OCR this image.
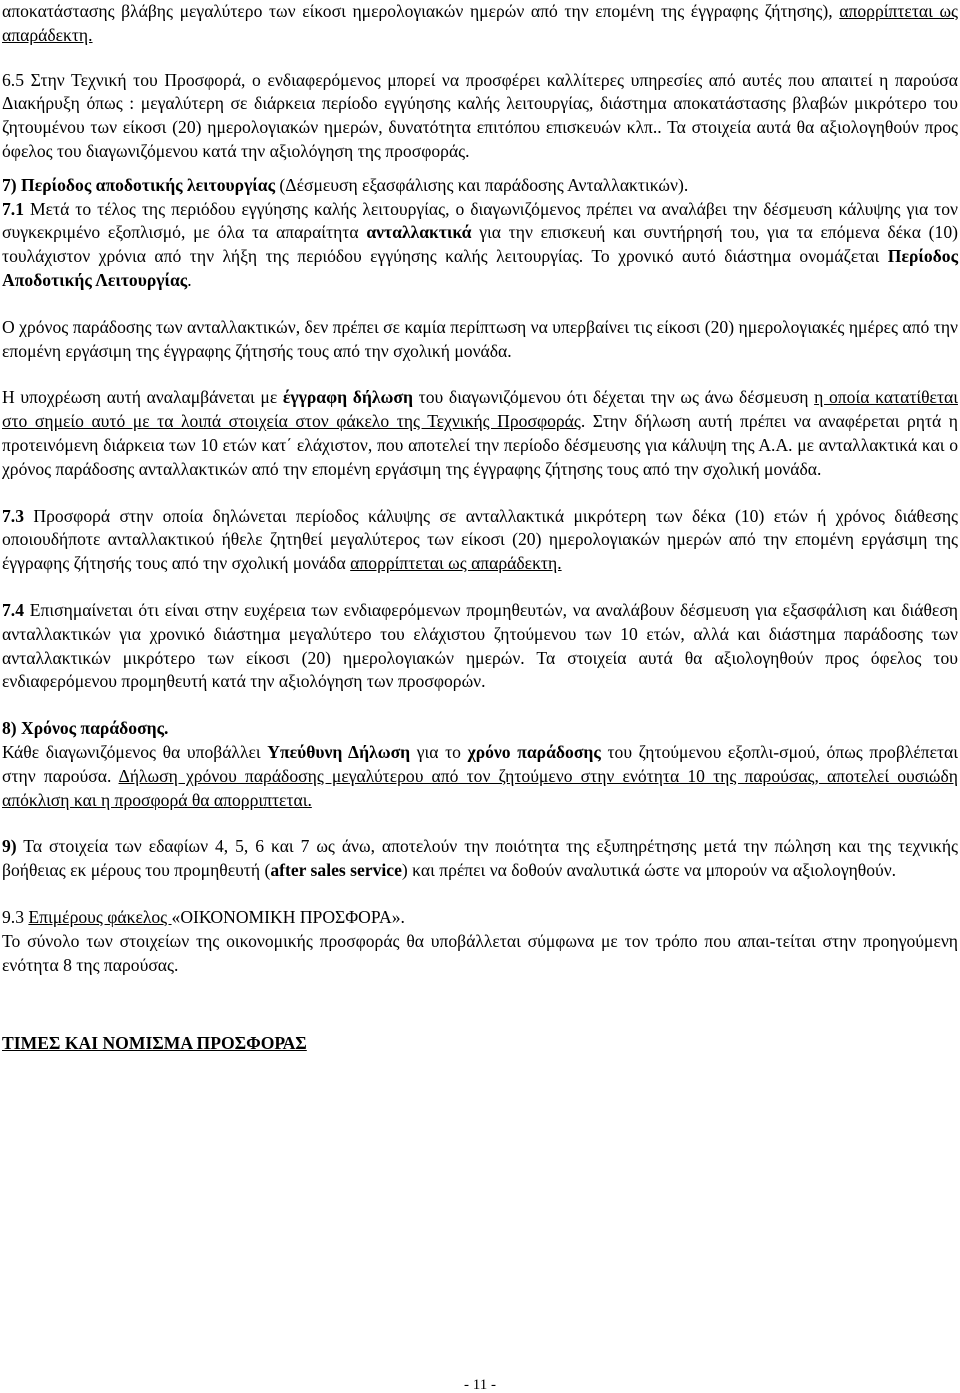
αποκατάστασης βλάβης μεγαλύτερο των είκοσι ημερολογιακών ημερών από την επομένη της έγγραφης ζήτησης), απορρίπτεται ως απαράδεκτη.

6.5 Στην Τεχνική του Προσφορά, ο ενδιαφερόμενος μπορεί να προσφέρει καλλίτερες υπηρεσίες από αυτές που απαιτεί η παρούσα Διακήρυξη όπως : μεγαλύτερη σε διάρκεια περίοδο εγγύησης καλής λειτουργίας, διάστημα αποκατάστασης βλαβών μικρότερο του ζητουμένου των είκοσι (20) ημερολογιακών ημερών, δυνατότητα επιτόπου επισκευών κλπ.. Τα στοιχεία αυτά θα αξιολογηθούν προς όφελος του διαγωνιζόμενου κατά την αξιολόγηση της προσφοράς.

7) Περίοδος αποδοτικής λειτουργίας (Δέσμευση εξασφάλισης και παράδοσης Ανταλλακτικών).

7.1 Μετά το τέλος της περιόδου εγγύησης καλής λειτουργίας, ο διαγωνιζόμενος πρέπει να αναλάβει την δέσμευση κάλυψης για τον συγκεκριμένο εξοπλισμό, με όλα τα απαραίτητα ανταλλακτικά για την επισκευή και συντήρησή του, για τα επόμενα δέκα (10) τουλάχιστον χρόνια από την λήξη της περιόδου εγγύησης καλής λειτουργίας. Το χρονικό αυτό διάστημα ονομάζεται Περίοδος Αποδοτικής Λειτουργίας.

Ο χρόνος παράδοσης των ανταλλακτικών, δεν πρέπει σε καμία περίπτωση να υπερβαίνει τις είκοσι (20) ημερολογιακές ημέρες από την επομένη εργάσιμη της έγγραφης ζήτησής τους από την σχολική μονάδα.

Η υποχρέωση αυτή αναλαμβάνεται με έγγραφη δήλωση του διαγωνιζόμενου ότι δέχεται την ως άνω δέσμευση η οποία κατατίθεται στο σημείο αυτό με τα λοιπά στοιχεία στον φάκελο της Τεχνικής Προσφοράς. Στην δήλωση αυτή πρέπει να αναφέρεται ρητά η προτεινόμενη διάρκεια των 10 ετών κατ΄ ελάχιστον, που αποτελεί την περίοδο δέσμευσης για κάλυψη της Α.Α. με ανταλλακτικά και ο χρόνος παράδοσης ανταλλακτικών από την επομένη εργάσιμη της έγγραφης ζήτησης τους από την σχολική μονάδα.

7.3 Προσφορά στην οποία δηλώνεται περίοδος κάλυψης σε ανταλλακτικά μικρότερη των δέκα (10) ετών ή χρόνος διάθεσης οποιουδήποτε ανταλλακτικού ήθελε ζητηθεί μεγαλύτερος των είκοσι (20) ημερολογιακών ημερών από την επομένη εργάσιμη της έγγραφης ζήτησής τους από την σχολική μονάδα απορρίπτεται ως απαράδεκτη.

7.4 Επισημαίνεται ότι είναι στην ευχέρεια των ενδιαφερόμενων προμηθευτών, να αναλάβουν δέσμευση για εξασφάλιση και διάθεση ανταλλακτικών για χρονικό διάστημα μεγαλύτερο του ελάχιστου ζητούμενου των 10 ετών, αλλά και διάστημα παράδοσης των ανταλλακτικών μικρότερο των είκοσι (20) ημερολογιακών ημερών. Τα στοιχεία αυτά θα αξιολογηθούν προς όφελος του ενδιαφερόμενου προμηθευτή κατά την αξιολόγηση των προσφορών.

8) Χρόνος παράδοσης.

Κάθε διαγωνιζόμενος θα υποβάλλει Υπεύθυνη Δήλωση για το χρόνο παράδοσης του ζητούμενου εξοπλι-σμού, όπως προβλέπεται στην παρούσα. Δήλωση χρόνου παράδοσης μεγαλύτερου από τον ζητούμενο στην ενότητα 10 της παρούσας, αποτελεί ουσιώδη απόκλιση και η προσφορά θα απορριπτεται.

9) Τα στοιχεία των εδαφίων 4, 5, 6 και 7 ως άνω, αποτελούν την ποιότητα της εξυπηρέτησης μετά την πώληση και της τεχνικής βοήθειας εκ μέρους του προμηθευτή (after sales service) και πρέπει να δοθούν αναλυτικά ώστε να μπορούν να αξιολογηθούν.

9.3 Επιμέρους φάκελος «ΟΙΚΟΝΟΜΙΚΗ ΠΡΟΣΦΟΡΑ».

Το σύνολο των στοιχείων της οικονομικής προσφοράς θα υποβάλλεται σύμφωνα με τον τρόπο που απαι-τείται στην προηγούμενη ενότητα 8 της παρούσας.

ΤΙΜΕΣ ΚΑΙ ΝΟΜΙΣΜΑ ΠΡΟΣΦΟΡΑΣ

- 11 -
